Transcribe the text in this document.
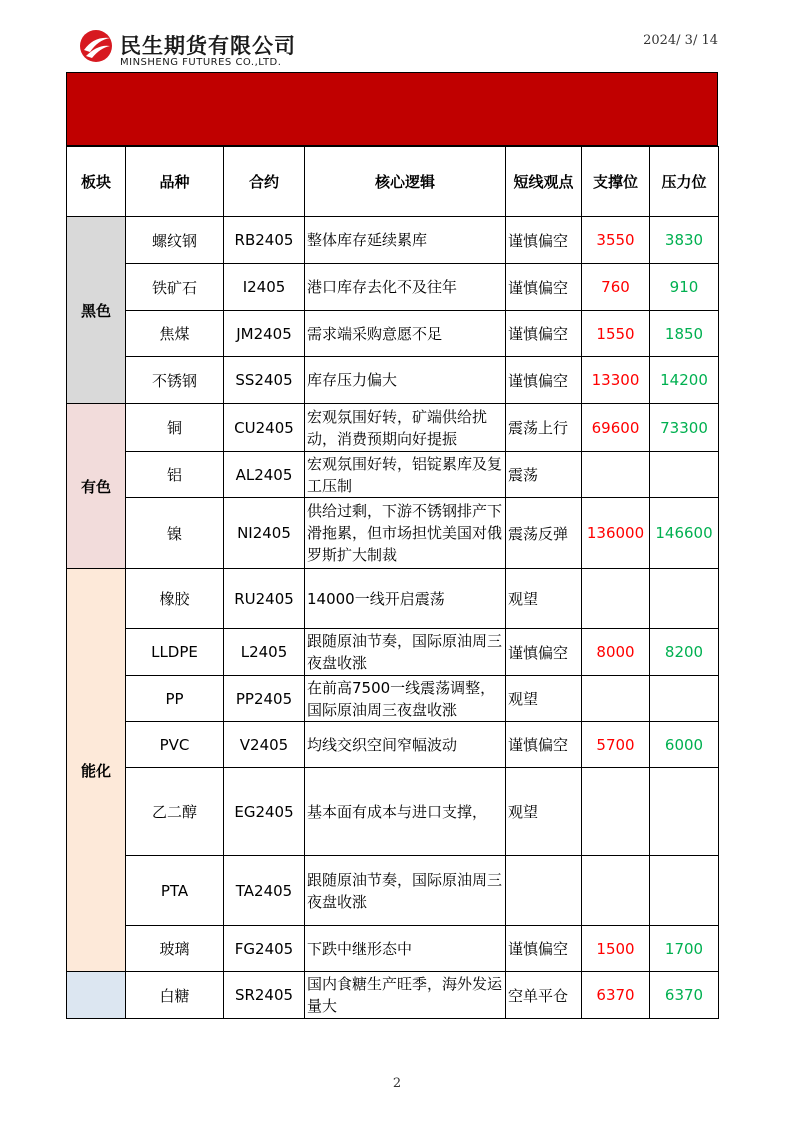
民生期货有限公司
MINSHENG FUTURES CO.,LTD.
2024/ 3/ 14
板块	品种	合约	核心逻辑	短线观点	支撑位	压力位
黑色	螺纹钢	RB2405	整体库存延续累库	谨慎偏空	3550	3830
	铁矿石	I2405	港口库存去化不及往年	谨慎偏空	760	910
	焦煤	JM2405	需求端采购意愿不足	谨慎偏空	1550	1850
	不锈钢	SS2405	库存压力偏大	谨慎偏空	13300	14200
有色	铜	CU2405	宏观氛围好转，矿端供给扰动，消费预期向好提振	震荡上行	69600	73300
	铝	AL2405	宏观氛围好转，铝锭累库及复工压制	震荡		
	镍	NI2405	供给过剩，下游不锈钢排产下滑拖累，但市场担忧美国对俄罗斯扩大制裁	震荡反弹	136000	146600
能化	橡胶	RU2405	14000一线开启震荡	观望		
	LLDPE	L2405	跟随原油节奏，国际原油周三夜盘收涨	谨慎偏空	8000	8200
	PP	PP2405	在前高7500一线震荡调整，国际原油周三夜盘收涨	观望		
	PVC	V2405	均线交织空间窄幅波动	谨慎偏空	5700	6000
	乙二醇	EG2405	基本面有成本与进口支撑，	观望		
	PTA	TA2405	跟随原油节奏，国际原油周三夜盘收涨			
	玻璃	FG2405	下跌中继形态中	谨慎偏空	1500	1700
	白糖	SR2405	国内食糖生产旺季，海外发运量大	空单平仓	6370	6370
2
